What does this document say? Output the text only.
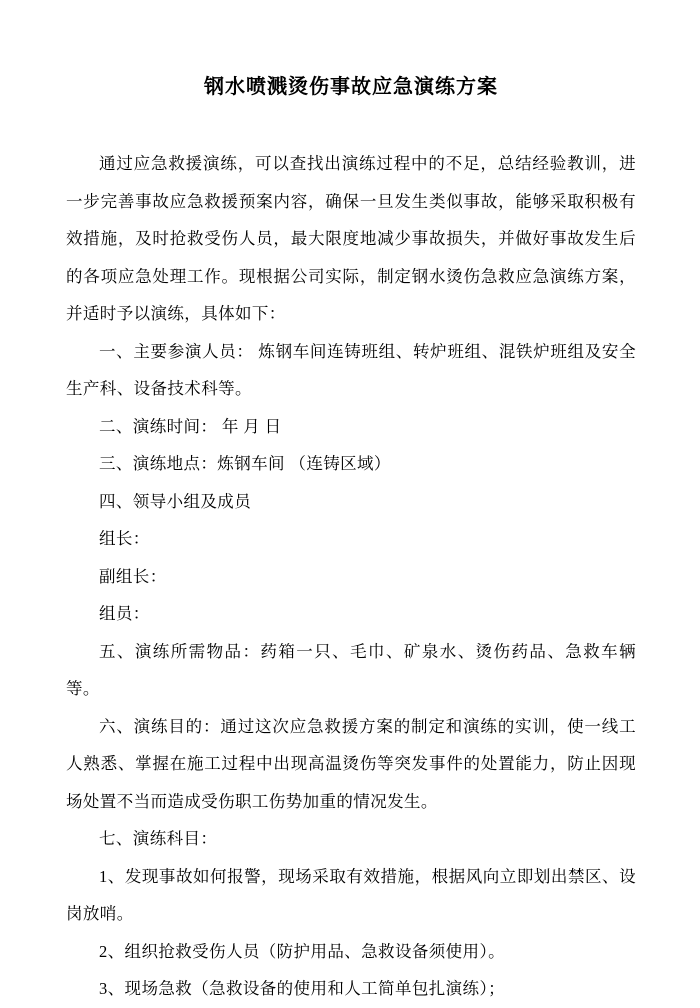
钢水喷溅烫伤事故应急演练方案

通过应急救援演练，可以查找出演练过程中的不足，总结经验教训，进一步完善事故应急救援预案内容，确保一旦发生类似事故，能够采取积极有效措施，及时抢救受伤人员，最大限度地减少事故损失，并做好事故发生后的各项应急处理工作。现根据公司实际，制定钢水烫伤急救应急演练方案，并适时予以演练，具体如下：

一、主要参演人员： 炼钢车间连铸班组、转炉班组、混铁炉班组及安全生产科、设备技术科等。

二、演练时间： 年 月 日

三、演练地点：炼钢车间 （连铸区域）

四、领导小组及成员

组长：

副组长：

组员：

五、演练所需物品：药箱一只、毛巾、矿泉水、烫伤药品、急救车辆等。

六、演练目的：通过这次应急救援方案的制定和演练的实训，使一线工人熟悉、掌握在施工过程中出现高温烫伤等突发事件的处置能力，防止因现场处置不当而造成受伤职工伤势加重的情况发生。

七、演练科目：

1、发现事故如何报警，现场采取有效措施，根据风向立即划出禁区、设岗放哨。

2、组织抢救受伤人员（防护用品、急救设备须使用）。

3、现场急救（急救设备的使用和人工简单包扎演练）；
